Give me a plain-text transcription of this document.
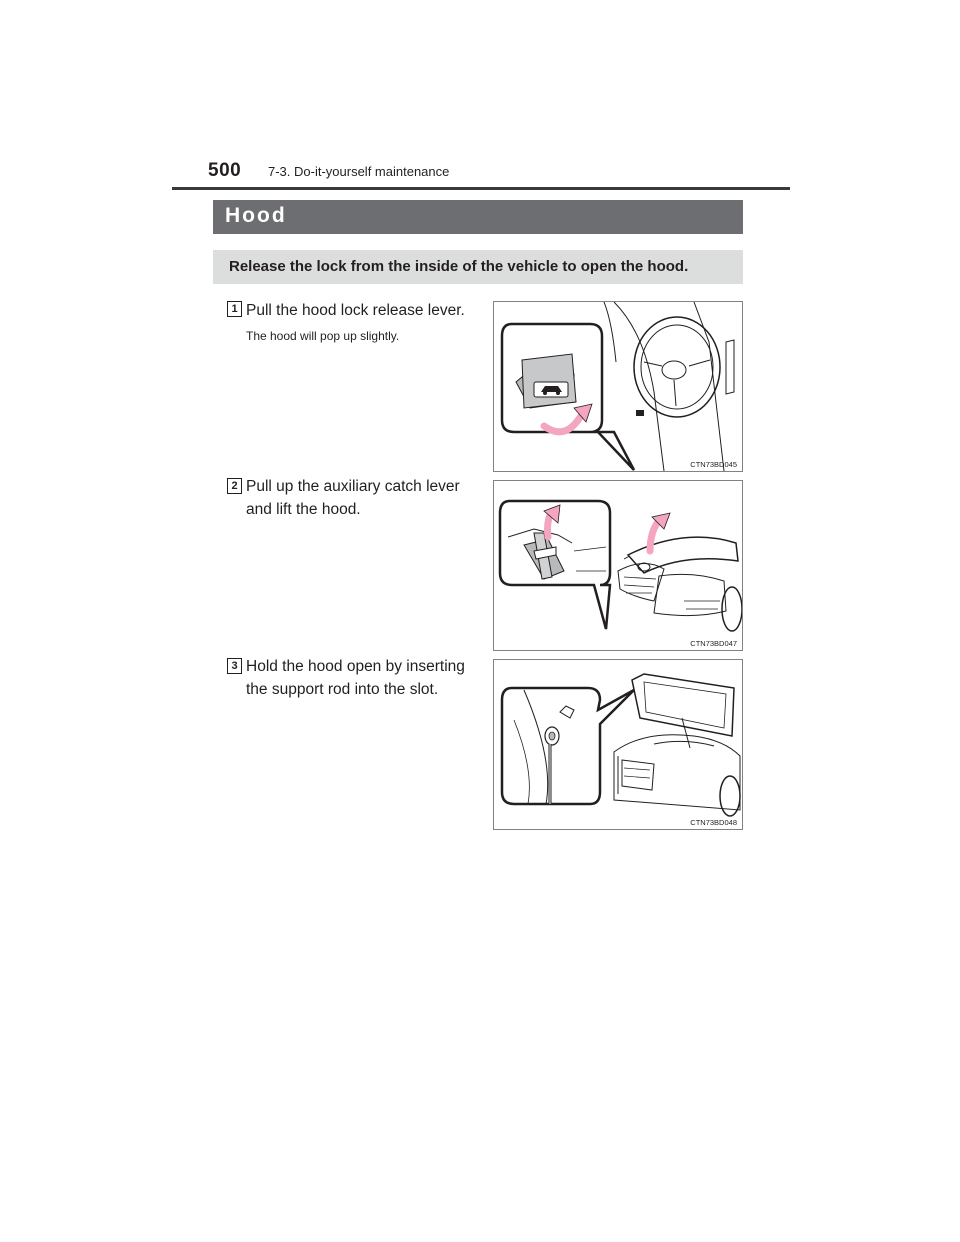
500 7-3. Do-it-yourself maintenance
Hood
Release the lock from the inside of the vehicle to open the hood.
1 Pull the hood lock release lever.
The hood will pop up slightly.
CTN73BD045
2 Pull up the auxiliary catch lever and lift the hood.
CTN73BD047
3 Hold the hood open by inserting the support rod into the slot.
CTN73BD048
